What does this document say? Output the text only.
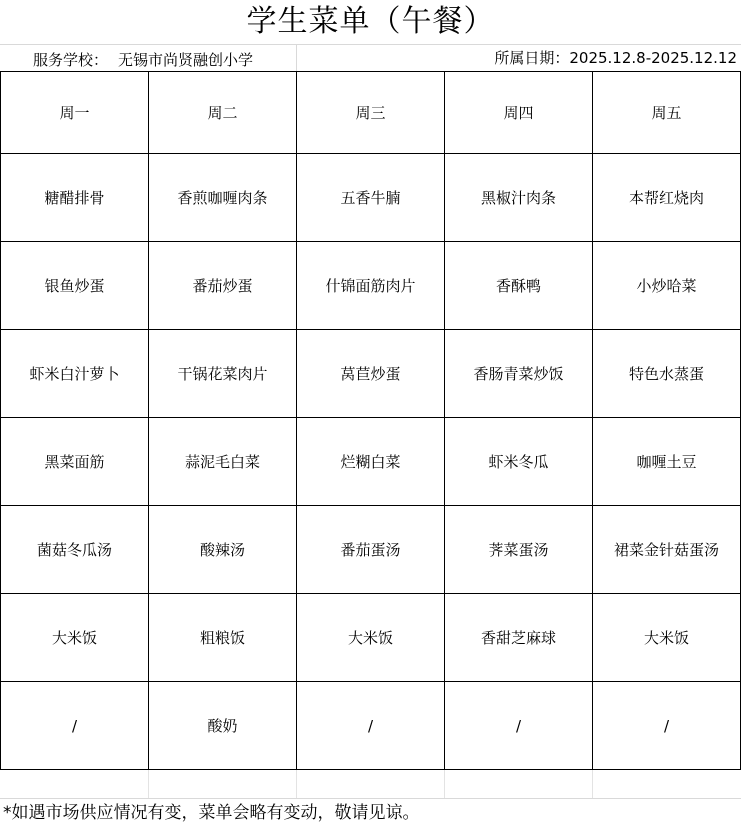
学生菜单（午餐）
服务学校： 无锡市尚贤融创小学	所属日期：2025.12.8-2025.12.12
周一	周二	周三	周四	周五
糖醋排骨	香煎咖喱肉条	五香牛腩	黑椒汁肉条	本帮红烧肉
银鱼炒蛋	番茄炒蛋	什锦面筋肉片	香酥鸭	小炒哈菜
虾米白汁萝卜	干锅花菜肉片	莴苣炒蛋	香肠青菜炒饭	特色水蒸蛋
黑菜面筋	蒜泥毛白菜	烂糊白菜	虾米冬瓜	咖喱土豆
菌菇冬瓜汤	酸辣汤	番茄蛋汤	荠菜蛋汤	裙菜金针菇蛋汤
大米饭	粗粮饭	大米饭	香甜芝麻球	大米饭
/	酸奶	/	/	/
*如遇市场供应情况有变，菜单会略有变动，敬请见谅。
